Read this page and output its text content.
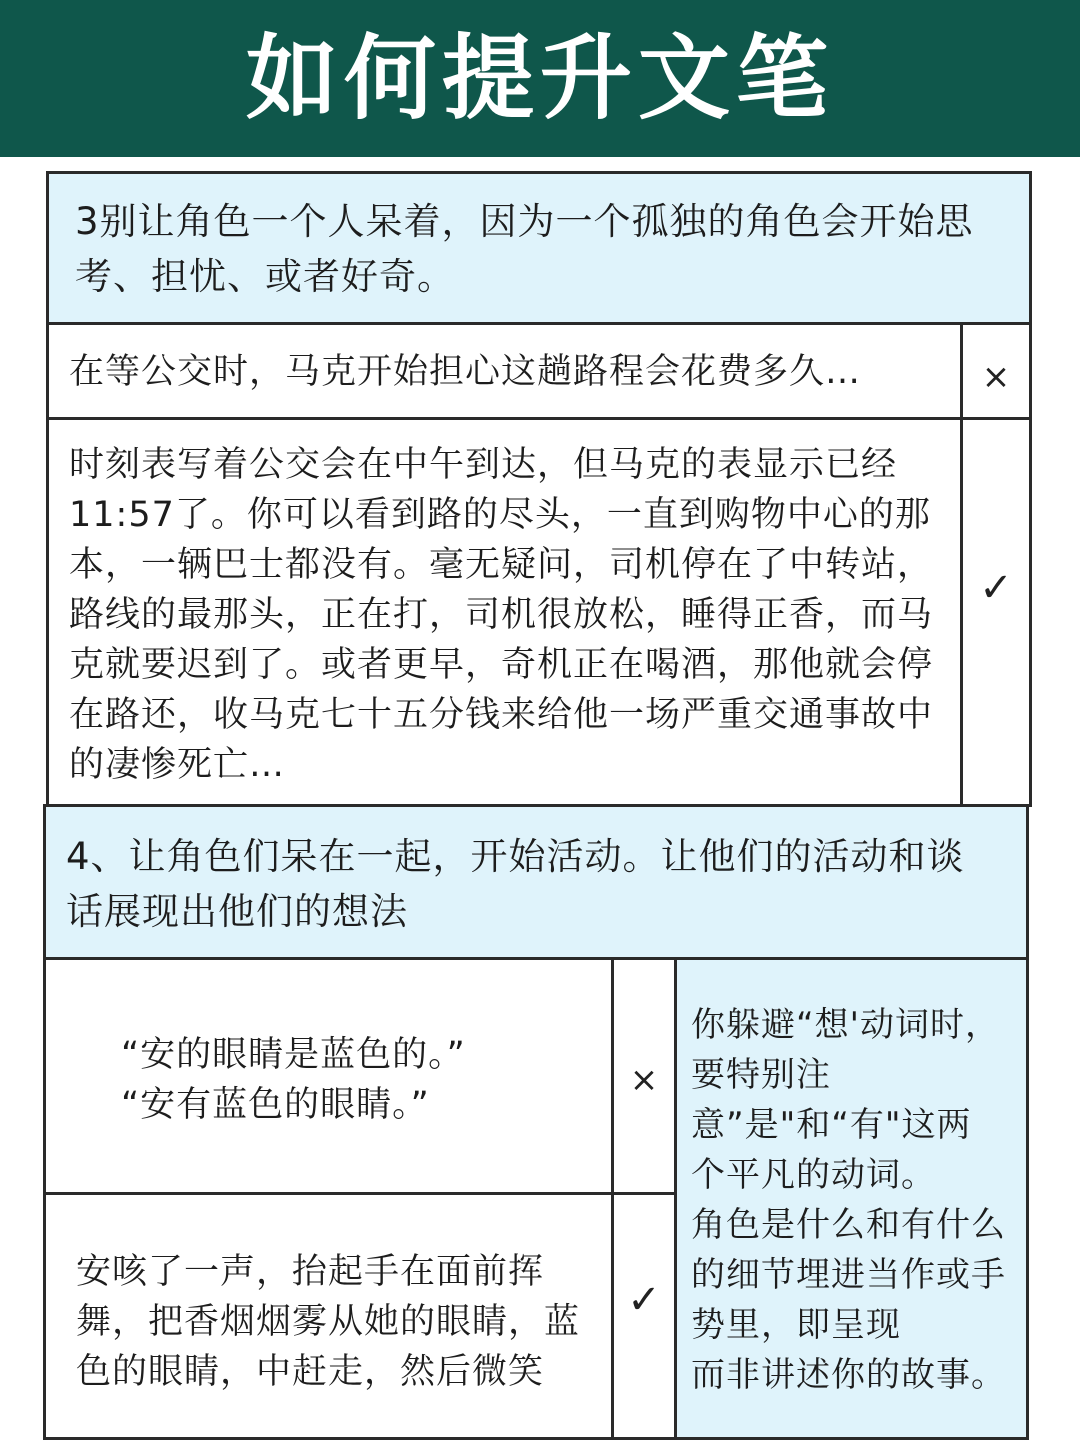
如何提升文笔

3别让角色一个人呆着，因为一个孤独的角色会开始思
考、担忧、或者好奇。

在等公交时，马克开始担心这趟路程会花费多久…	×

时刻表写着公交会在中午到达，但马克的表显示已经
11:57了。你可以看到路的尽头，一直到购物中心的那
本，一辆巴士都没有。毫无疑问，司机停在了中转站，
路线的最那头，正在打，司机很放松，睡得正香，而马
克就要迟到了。或者更早，奇机正在喝酒，那他就会停
在路还，收马克七十五分钱来给他一场严重交通事故中
的凄惨死亡…

✓

4、让角色们呆在一起，开始活动。让他们的活动和谈
话展现出他们的想法

“安的眼睛是蓝色的。”
“安有蓝色的眼睛。”

×

安咳了一声，抬起手在面前挥
舞，把香烟烟雾从她的眼睛，蓝
色的眼睛，中赶走，然后微笑

✓

你躲避“想'动词时，
要特别注
意”是"和“有"这两
个平凡的动词。
角色是什么和有什么
的细节埋进当作或手
势里，即呈现
而非讲述你的故事。
